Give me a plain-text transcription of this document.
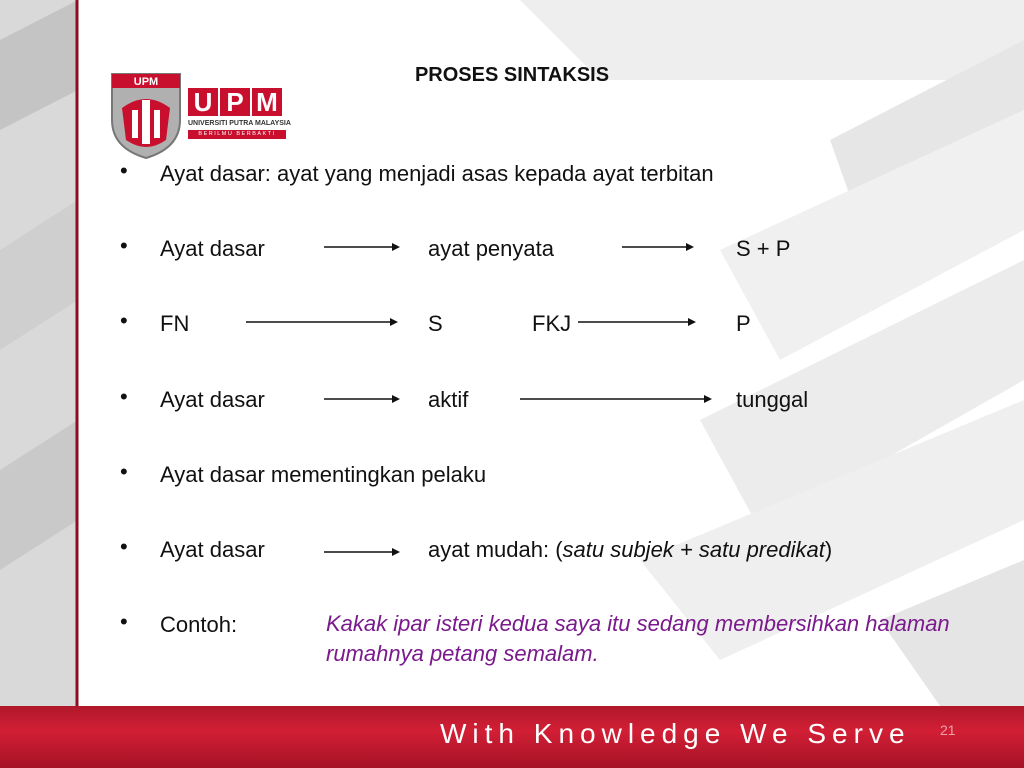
PROSES SINTAKSIS
UPM
U P M
UNIVERSITI PUTRA MALAYSIA
BERILMU BERBAKTI
•	Ayat dasar: ayat yang menjadi asas kepada ayat terbitan
•	Ayat dasar	ayat penyata	S + P
•	FN	S	FKJ	P
•	Ayat dasar	aktif	tunggal
•	Ayat dasar mementingkan pelaku
•	Ayat dasar	ayat mudah: (satu subjek + satu predikat)
•	Contoh:	Kakak ipar isteri kedua saya itu sedang membersihkan halaman rumahnya petang semalam.
With Knowledge We Serve	21
